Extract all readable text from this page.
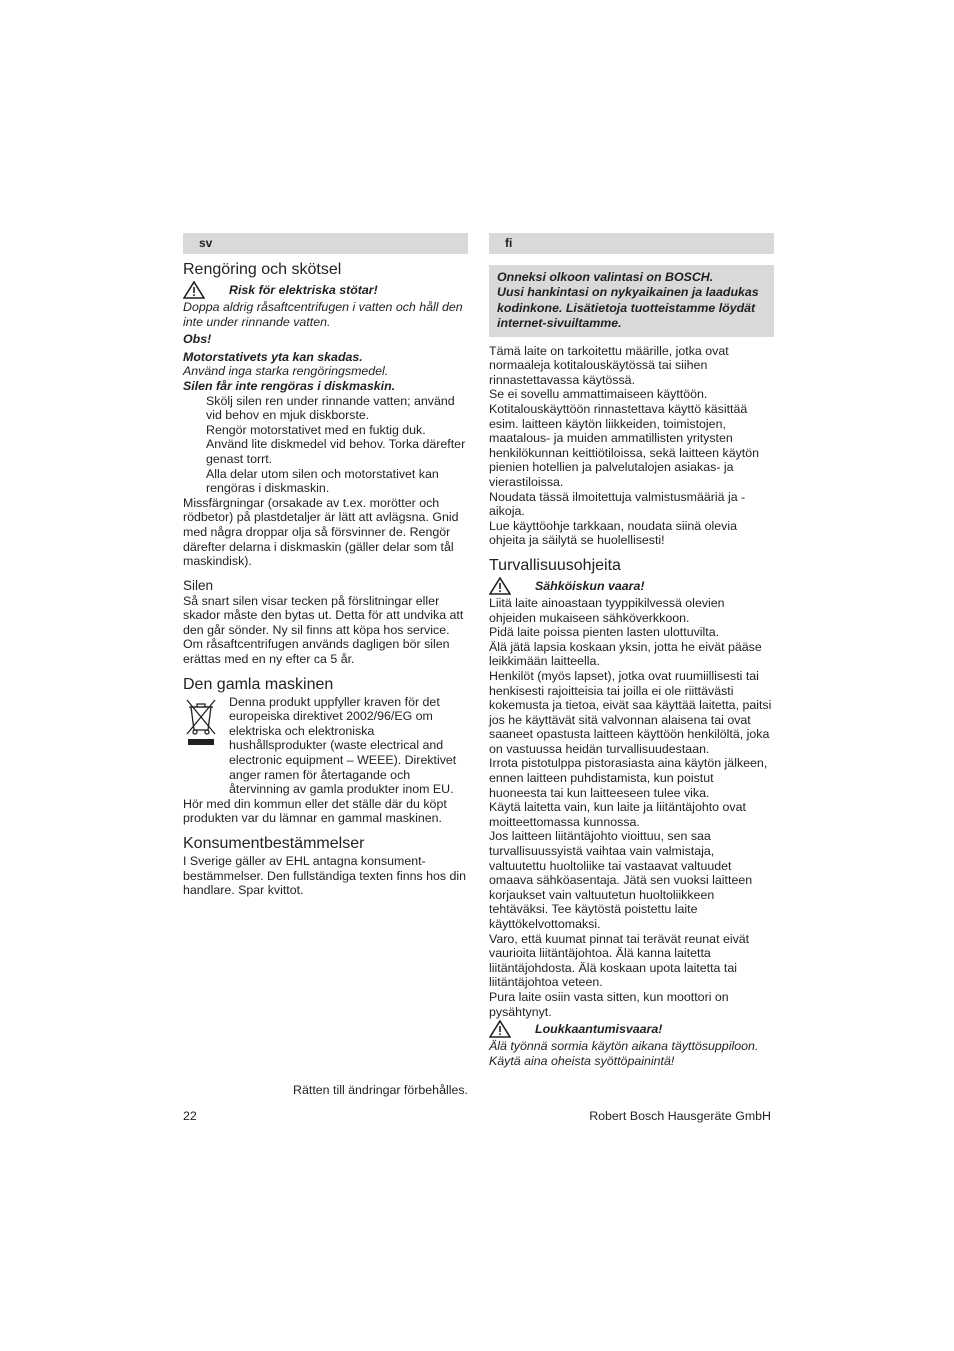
sv
Rengöring och skötsel
Risk för elektriska stötar!

Doppa aldrig råsaftcentrifugen i vatten och håll den inte under rinnande vatten.

Obs!

Motorstativets yta kan skadas.

Använd inga starka rengöringsmedel.

Silen får inte rengöras i diskmaskin.

Skölj silen ren under rinnande vatten; använd vid behov en mjuk diskborste.

Rengör motorstativet med en fuktig duk. Använd lite diskmedel vid behov. Torka därefter genast torrt.

Alla delar utom silen och motorstativet kan rengöras i diskmaskin.

Missfärgningar (orsakade av t.ex. morötter och rödbetor) på plastdetaljer är lätt att avlägsna. Gnid med några droppar olja så försvinner de. Rengör därefter delarna i diskmaskin (gäller delar som tål maskindisk).

Silen

Så snart silen visar tecken på förslitningar eller skador måste den bytas ut. Detta för att undvika att den går sönder. Ny sil finns att köpa hos service. Om råsaftcentrifugen används dagligen bör silen erättas med en ny efter ca 5 år.

Den gamla maskinen

Denna produkt uppfyller kraven för det europeiska direktivet 2002/96/EG om elektriska och elektroniska hushållsprodukter (waste electrical and electronic equipment – WEEE). Direktivet anger ramen för återtagande och återvinning av gamla produkter inom EU.

Hör med din kommun eller det ställe där du köpt produkten var du lämnar en gammal maskinen.

Konsumentbestämmelser

I Sverige gäller av EHL antagna konsument-bestämmelser. Den fullständiga texten finns hos din handlare. Spar kvittot.

Rätten till ändringar förbehålles.
fi

Onneksi olkoon valintasi on BOSCH.

Uusi hankintasi on nykyaikainen ja laadukas kodinkone. Lisätietoja tuotteistamme löydät internet-sivuiltamme.

Tämä laite on tarkoitettu määrille, jotka ovat normaaleja kotitalouskäytössä tai siihen rinnastettavassa käytössä.

Se ei sovellu ammattimaiseen käyttöön. Kotitalouskäyttöön rinnastettava käyttö käsittää esim. laitteen käytön liikkeiden, toimistojen, maatalous- ja muiden ammatillisten yritysten henkilökunnan keittiötiloissa, sekä laitteen käytön pienien hotellien ja palvelutalojen asiakas- ja vierastiloissa.

Noudata tässä ilmoitettuja valmistusmääriä ja -aikoja.

Lue käyttöohje tarkkaan, noudata siinä olevia ohjeita ja säilytä se huolellisesti!

Turvallisuusohjeita
Sähköiskun vaara!

Liitä laite ainoastaan tyyppikilvessä olevien ohjeiden mukaiseen sähköverkkoon.

Pidä laite poissa pienten lasten ulottuvilta.

Älä jätä lapsia koskaan yksin, jotta he eivät pääse leikkimään laitteella.

Henkilöt (myös lapset), jotka ovat ruumiillisesti tai henkisesti rajoitteisia tai joilla ei ole riittävästi kokemusta ja tietoa, eivät saa käyttää laitetta, paitsi jos he käyttävät sitä valvonnan alaisena tai ovat saaneet opastusta laitteen käyttöön henkilöltä, joka on vastuussa heidän turvallisuudestaan.

Irrota pistotulppa pistorasiasta aina käytön jälkeen, ennen laitteen puhdistamista, kun poistut huoneesta tai kun laitteeseen tulee vika.

Käytä laitetta vain, kun laite ja liitäntäjohto ovat moitteettomassa kunnossa.

Jos laitteen liitäntäjohto vioittuu, sen saa turvallisuussyistä vaihtaa vain valmistaja, valtuutettu huoltoliike tai vastaavat valtuudet omaava sähköasentaja. Jätä sen vuoksi laitteen korjaukset vain valtuutetun huoltoliikkeen tehtäväksi. Tee käytöstä poistettu laite käyttökelvottomaksi.

Varo, että kuumat pinnat tai terävät reunat eivät vaurioita liitäntäjohtoa. Älä kanna laitetta liitäntäjohdosta. Älä koskaan upota laitetta tai liitäntäjohtoa veteen.

Pura laite osiin vasta sitten, kun moottori on pysähtynyt.

Loukkaantumisvaara!

Älä työnnä sormia käytön aikana täyttösuppiloon. Käytä aina oheista syöttöpainintä!

22	Robert Bosch Hausgeräte GmbH
